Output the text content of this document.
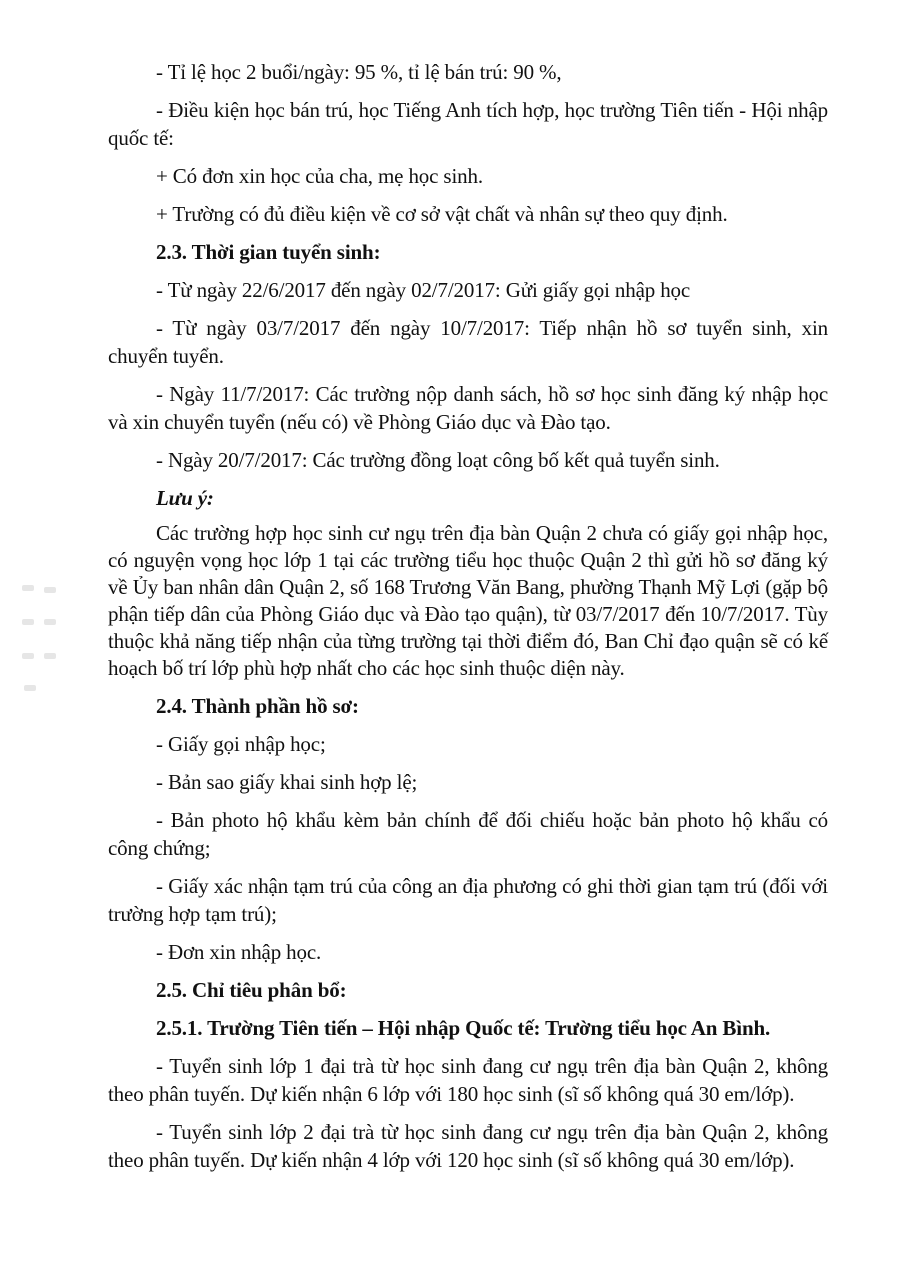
- Tỉ lệ học 2 buổi/ngày: 95 %, tỉ lệ bán trú: 90 %,

- Điều kiện học bán trú, học Tiếng Anh tích hợp, học trường Tiên tiến - Hội nhập quốc tế:

+ Có đơn xin học của cha, mẹ học sinh.

+ Trường có đủ điều kiện về cơ sở vật chất và nhân sự theo quy định.

2.3. Thời gian tuyển sinh:

- Từ ngày 22/6/2017 đến ngày 02/7/2017: Gửi giấy gọi nhập học

- Từ ngày 03/7/2017 đến ngày 10/7/2017: Tiếp nhận hồ sơ tuyển sinh, xin chuyển tuyển.

- Ngày 11/7/2017: Các trường nộp danh sách, hồ sơ học sinh đăng ký nhập học và xin chuyển tuyển (nếu có) về Phòng Giáo dục và Đào tạo.

- Ngày 20/7/2017: Các trường đồng loạt công bố kết quả tuyển sinh.

Lưu ý:

Các trường hợp học sinh cư ngụ trên địa bàn Quận 2 chưa có giấy gọi nhập học, có nguyện vọng học lớp 1 tại các trường tiểu học thuộc Quận 2 thì gửi hồ sơ đăng ký về Ủy ban nhân dân Quận 2, số 168 Trương Văn Bang, phường Thạnh Mỹ Lợi (gặp bộ phận tiếp dân của Phòng Giáo dục và Đào tạo quận), từ 03/7/2017 đến 10/7/2017. Tùy thuộc khả năng tiếp nhận của từng trường tại thời điểm đó, Ban Chỉ đạo quận sẽ có kế hoạch bố trí lớp phù hợp nhất cho các học sinh thuộc diện này.

2.4. Thành phần hồ sơ:

- Giấy gọi nhập học;

- Bản sao giấy khai sinh hợp lệ;

- Bản photo hộ khẩu kèm bản chính để đối chiếu hoặc bản photo hộ khẩu có công chứng;

- Giấy xác nhận tạm trú của công an địa phương có ghi thời gian tạm trú (đối với trường hợp tạm trú);

- Đơn xin nhập học.

2.5. Chỉ tiêu phân bổ:

2.5.1. Trường Tiên tiến – Hội nhập Quốc tế: Trường tiểu học An Bình.

- Tuyển sinh lớp 1 đại trà từ học sinh đang cư ngụ trên địa bàn Quận 2, không theo phân tuyến. Dự kiến nhận 6 lớp với 180 học sinh (sĩ số không quá 30 em/lớp).

- Tuyển sinh lớp 2 đại trà từ học sinh đang cư ngụ trên địa bàn Quận 2, không theo phân tuyến. Dự kiến nhận 4 lớp với 120 học sinh (sĩ số không quá 30 em/lớp).
